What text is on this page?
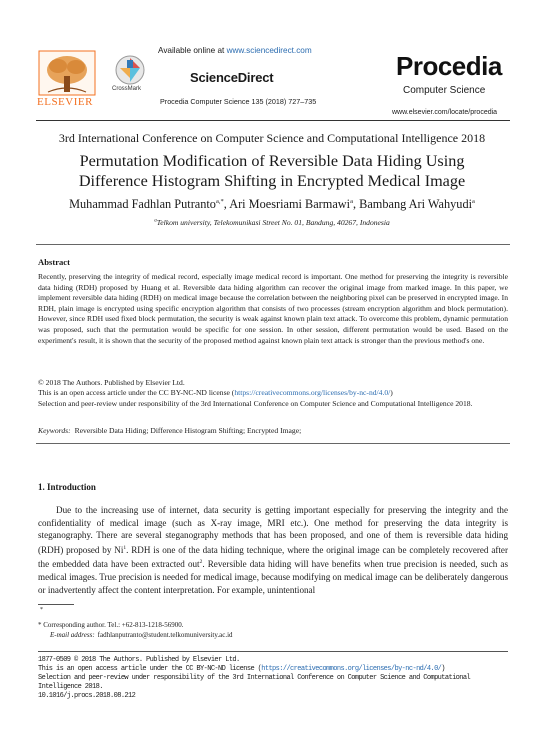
ELSEVIER
CrossMark
Available online at www.sciencedirect.com
ScienceDirect
Procedia Computer Science 135 (2018) 727–735
Procedia
Computer Science
www.elsevier.com/locate/procedia
3rd International Conference on Computer Science and Computational Intelligence 2018
Permutation Modification of Reversible Data Hiding Using
Difference Histogram Shifting in Encrypted Medical Image
Muhammad Fadhlan Putranto$^{a,*}$, Ari Moesriami Barmawi$^a$, Bambang Ari Wahyudi$^a$
$^a$Telkom university, Telekomunikasi Street No. 01, Bandung, 40267, Indonesia
Abstract
Recently, preserving the integrity of medical record, especially image medical record is important. One method for preserving the integrity is reversible data hiding (RDH) proposed by Huang et al. Reversible data hiding algorithm can recover the original image from marked image. In this paper, we implement reversible data hiding (RDH) on medical image because the correlation between the neighboring pixel can be preserved in encrypted image. In RDH, plain image is encrypted using specific encryption algorithm that consists of two processes (stream encryption algorithm and block permutation). However, since RDH used fixed block permutation, the security is weak against known plain text attack. To overcome this problem, dynamic permutation was proposed, such that the permutation would be specific for one session. In other session, different permutation would be used. Based on the experiment's result, it is shown that the security of the proposed method against known plain text attack is stronger than the previous method's one.
© 2018 The Authors. Published by Elsevier Ltd.
This is an open access article under the CC BY-NC-ND license (https://creativecommons.org/licenses/by-nc-nd/4.0/)
Selection and peer-review under responsibility of the 3rd International Conference on Computer Science and Computational Intelligence 2018.
Keywords: Reversible Data Hiding; Difference Histogram Shifting; Encrypted Image;
1. Introduction
Due to the increasing use of internet, data security is getting important especially for preserving the integrity and the confidentiality of medical image (such as X-ray image, MRI etc.). One method for preserving the data integrity is steganography. There are several steganography methods that has been proposed, and one of them is reversible data hiding (RDH) proposed by Ni$^1$. RDH is one of the data hiding technique, where the original image can be completely recovered after the embedded data have been extracted out$^2$. Reversible data hiding will have benefits when true precision is needed, such as medical images. True precision is needed for medical image, because modifying on medical image can be deliberately dangerous or inadvertently affect the content interpretation. For example, unintentional
*
* Corresponding author. Tel.: +62-813-1218-56900.
E-mail address: fadhlanputranto@student.telkomuniversity.ac.id
1877-0509 © 2018 The Authors. Published by Elsevier Ltd.
This is an open access article under the CC BY-NC-ND license (https://creativecommons.org/licenses/by-nc-nd/4.0/)
Selection and peer-review under responsibility of the 3rd International Conference on Computer Science and Computational Intelligence 2018.
10.1016/j.procs.2018.08.212
